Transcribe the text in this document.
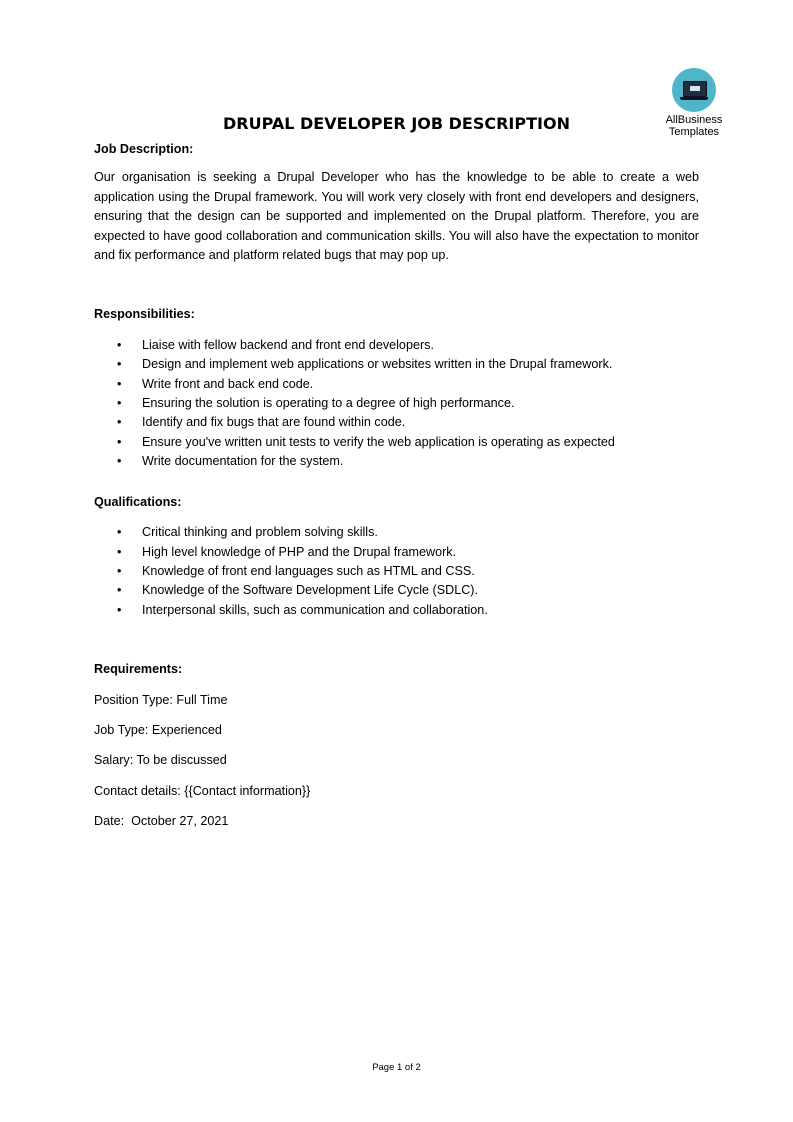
AllBusiness
Templates
DRUPAL DEVELOPER JOB DESCRIPTION

Job Description:

Our organisation is seeking a Drupal Developer who has the knowledge to be able to create a web application using the Drupal framework. You will work very closely with front end developers and designers, ensuring that the design can be supported and implemented on the Drupal platform. Therefore, you are expected to have good collaboration and communication skills. You will also have the expectation to monitor and fix performance and platform related bugs that may pop up.

Responsibilities:

• Liaise with fellow backend and front end developers.
• Design and implement web applications or websites written in the Drupal framework.
• Write front and back end code.
• Ensuring the solution is operating to a degree of high performance.
• Identify and fix bugs that are found within code.
• Ensure you've written unit tests to verify the web application is operating as expected
• Write documentation for the system.

Qualifications:

• Critical thinking and problem solving skills.
• High level knowledge of PHP and the Drupal framework.
• Knowledge of front end languages such as HTML and CSS.
• Knowledge of the Software Development Life Cycle (SDLC).
• Interpersonal skills, such as communication and collaboration.

Requirements:

Position Type: Full Time

Job Type: Experienced

Salary: To be discussed

Contact details: {{Contact information}}

Date:  October 27, 2021

Page 1 of 2
